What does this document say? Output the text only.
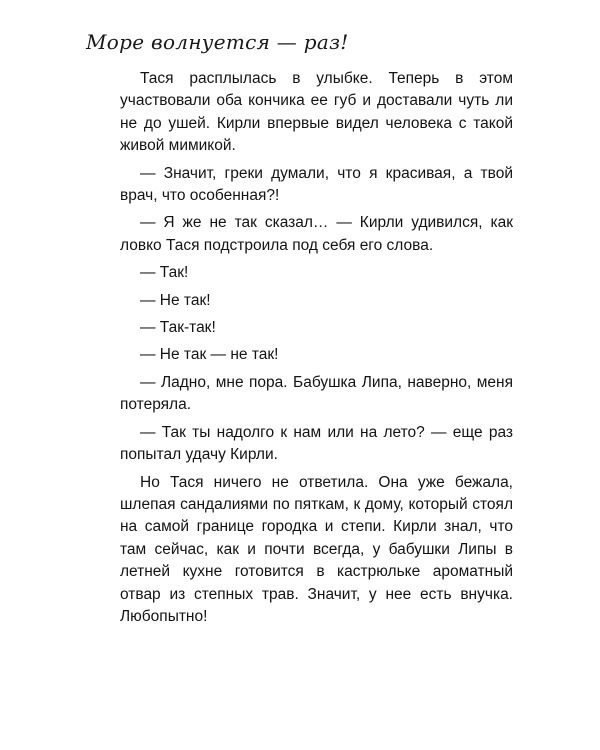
Море волнуется — раз!

Тася расплылась в улыбке. Теперь в этом участвовали оба кончика ее губ и доставали чуть ли не до ушей. Кирли впервые видел человека с такой живой мимикой.

— Значит, греки думали, что я красивая, а твой врач, что особенная?!

— Я же не так сказал… — Кирли удивился, как ловко Тася подстроила под себя его слова.

— Так!

— Не так!

— Так-так!

— Не так — не так!

— Ладно, мне пора. Бабушка Липа, наверно, меня потеряла.

— Так ты надолго к нам или на лето? — еще раз попытал удачу Кирли.

Но Тася ничего не ответила. Она уже бежала, шлепая сандалиями по пяткам, к дому, который стоял на самой границе городка и степи. Кирли знал, что там сейчас, как и почти всегда, у бабушки Липы в летней кухне готовится в кастрюльке ароматный отвар из степных трав. Значит, у нее есть внучка. Любопытно!
